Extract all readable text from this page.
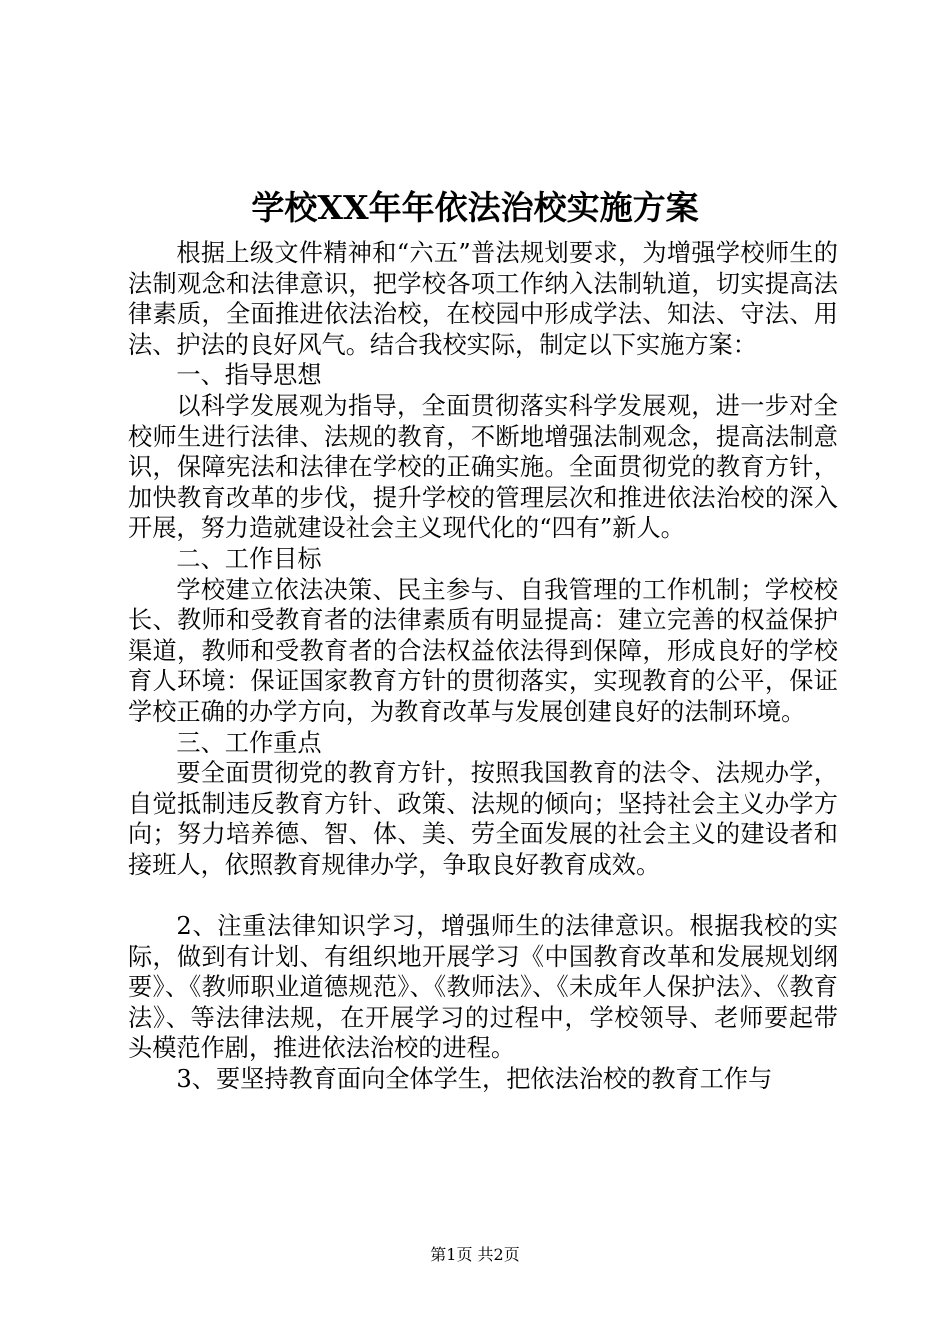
学校XX年年依法治校实施方案

根据上级文件精神和“六五”普法规划要求，为增强学校师生的法制观念和法律意识，把学校各项工作纳入法制轨道，切实提高法律素质，全面推进依法治校，在校园中形成学法、知法、守法、用法、护法的良好风气。结合我校实际，制定以下实施方案：

一、指导思想

以科学发展观为指导，全面贯彻落实科学发展观，进一步对全校师生进行法律、法规的教育，不断地增强法制观念，提高法制意识，保障宪法和法律在学校的正确实施。全面贯彻党的教育方针，加快教育改革的步伐，提升学校的管理层次和推进依法治校的深入开展，努力造就建设社会主义现代化的“四有”新人。

二、工作目标

学校建立依法决策、民主参与、自我管理的工作机制；学校校长、教师和受教育者的法律素质有明显提高：建立完善的权益保护渠道，教师和受教育者的合法权益依法得到保障，形成良好的学校育人环境：保证国家教育方针的贯彻落实，实现教育的公平，保证学校正确的办学方向，为教育改革与发展创建良好的法制环境。

三、工作重点

要全面贯彻党的教育方针，按照我国教育的法令、法规办学，自觉抵制违反教育方针、政策、法规的倾向；坚持社会主义办学方向；努力培养德、智、体、美、劳全面发展的社会主义的建设者和接班人，依照教育规律办学，争取良好教育成效。

2、注重法律知识学习，增强师生的法律意识。根据我校的实际，做到有计划、有组织地开展学习《中国教育改革和发展规划纲要》、《教师职业道德规范》、《教师法》、《未成年人保护法》、《教育法》、等法律法规，在开展学习的过程中，学校领导、老师要起带头模范作剧，推进依法治校的进程。

3、要坚持教育面向全体学生，把依法治校的教育工作与

第1页 共2页
